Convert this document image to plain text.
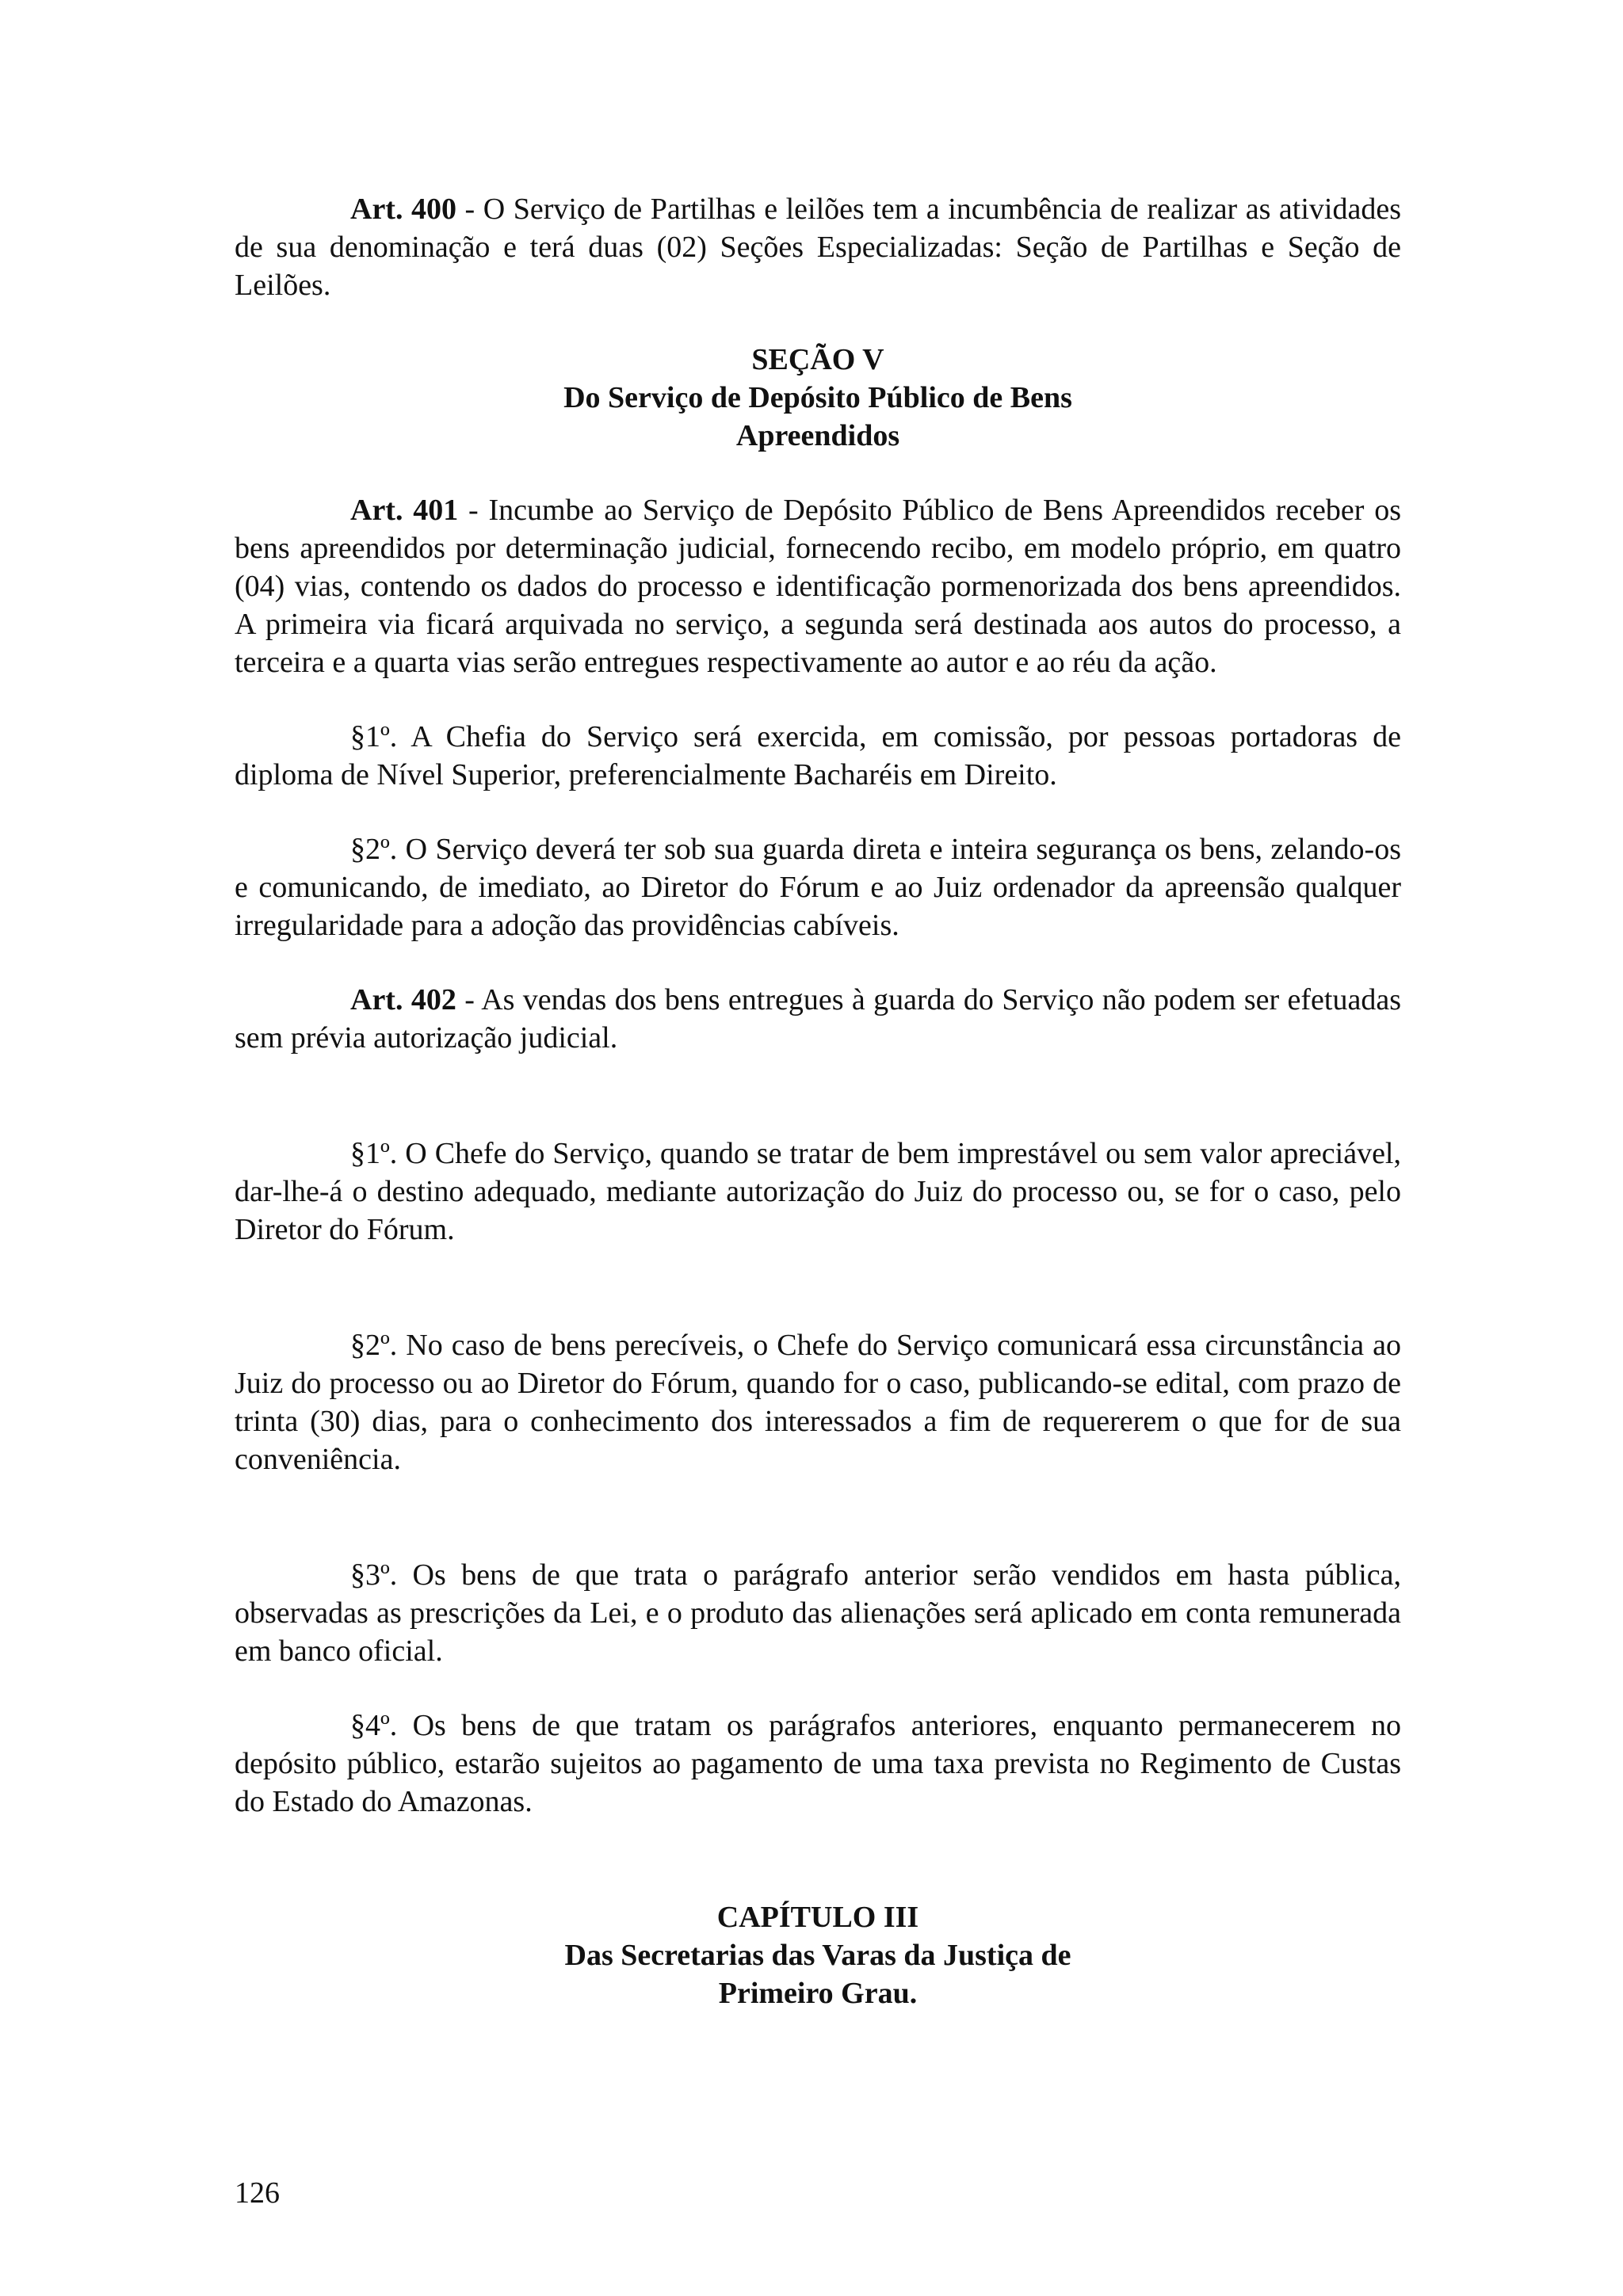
Art. 400 - O Serviço de Partilhas e leilões tem a incumbência de realizar as atividades de sua denominação e terá duas (02) Seções Especializadas: Seção de Partilhas e Seção de Leilões.

SEÇÃO V
Do Serviço de Depósito Público de Bens
Apreendidos

Art. 401 - Incumbe ao Serviço de Depósito Público de Bens Apreendidos receber os bens apreendidos por determinação judicial, fornecendo recibo, em modelo próprio, em quatro (04) vias, contendo os dados do processo e identificação pormenorizada dos bens apreendidos. A primeira via ficará arquivada no serviço, a segunda será destinada aos autos do processo, a terceira e a quarta vias serão entregues respectivamente ao autor e ao réu da ação.

§1º. A Chefia do Serviço será exercida, em comissão, por pessoas portadoras de diploma de Nível Superior, preferencialmente Bacharéis em Direito.

§2º. O Serviço deverá ter sob sua guarda direta e inteira segurança os bens, zelando-os e comunicando, de imediato, ao Diretor do Fórum e ao Juiz ordenador da apreensão qualquer irregularidade para a adoção das providências cabíveis.

Art. 402 - As vendas dos bens entregues à guarda do Serviço não podem ser efetuadas sem prévia autorização judicial.

§1º. O Chefe do Serviço, quando se tratar de bem imprestável ou sem valor apreciável, dar-lhe-á o destino adequado, mediante autorização do Juiz do processo ou, se for o caso, pelo Diretor do Fórum.

§2º. No caso de bens perecíveis, o Chefe do Serviço comunicará essa circunstância ao Juiz do processo ou ao Diretor do Fórum, quando for o caso, publicando-se edital, com prazo de trinta (30) dias, para o conhecimento dos interessados a fim de requererem o que for de sua conveniência.

§3º. Os bens de que trata o parágrafo anterior serão vendidos em hasta pública, observadas as prescrições da Lei, e o produto das alienações será aplicado em conta remunerada em banco oficial.

§4º. Os bens de que tratam os parágrafos anteriores, enquanto permanecerem no depósito público, estarão sujeitos ao pagamento de uma taxa prevista no Regimento de Custas do Estado do Amazonas.

CAPÍTULO III
Das Secretarias das Varas da Justiça de
Primeiro Grau.
126
